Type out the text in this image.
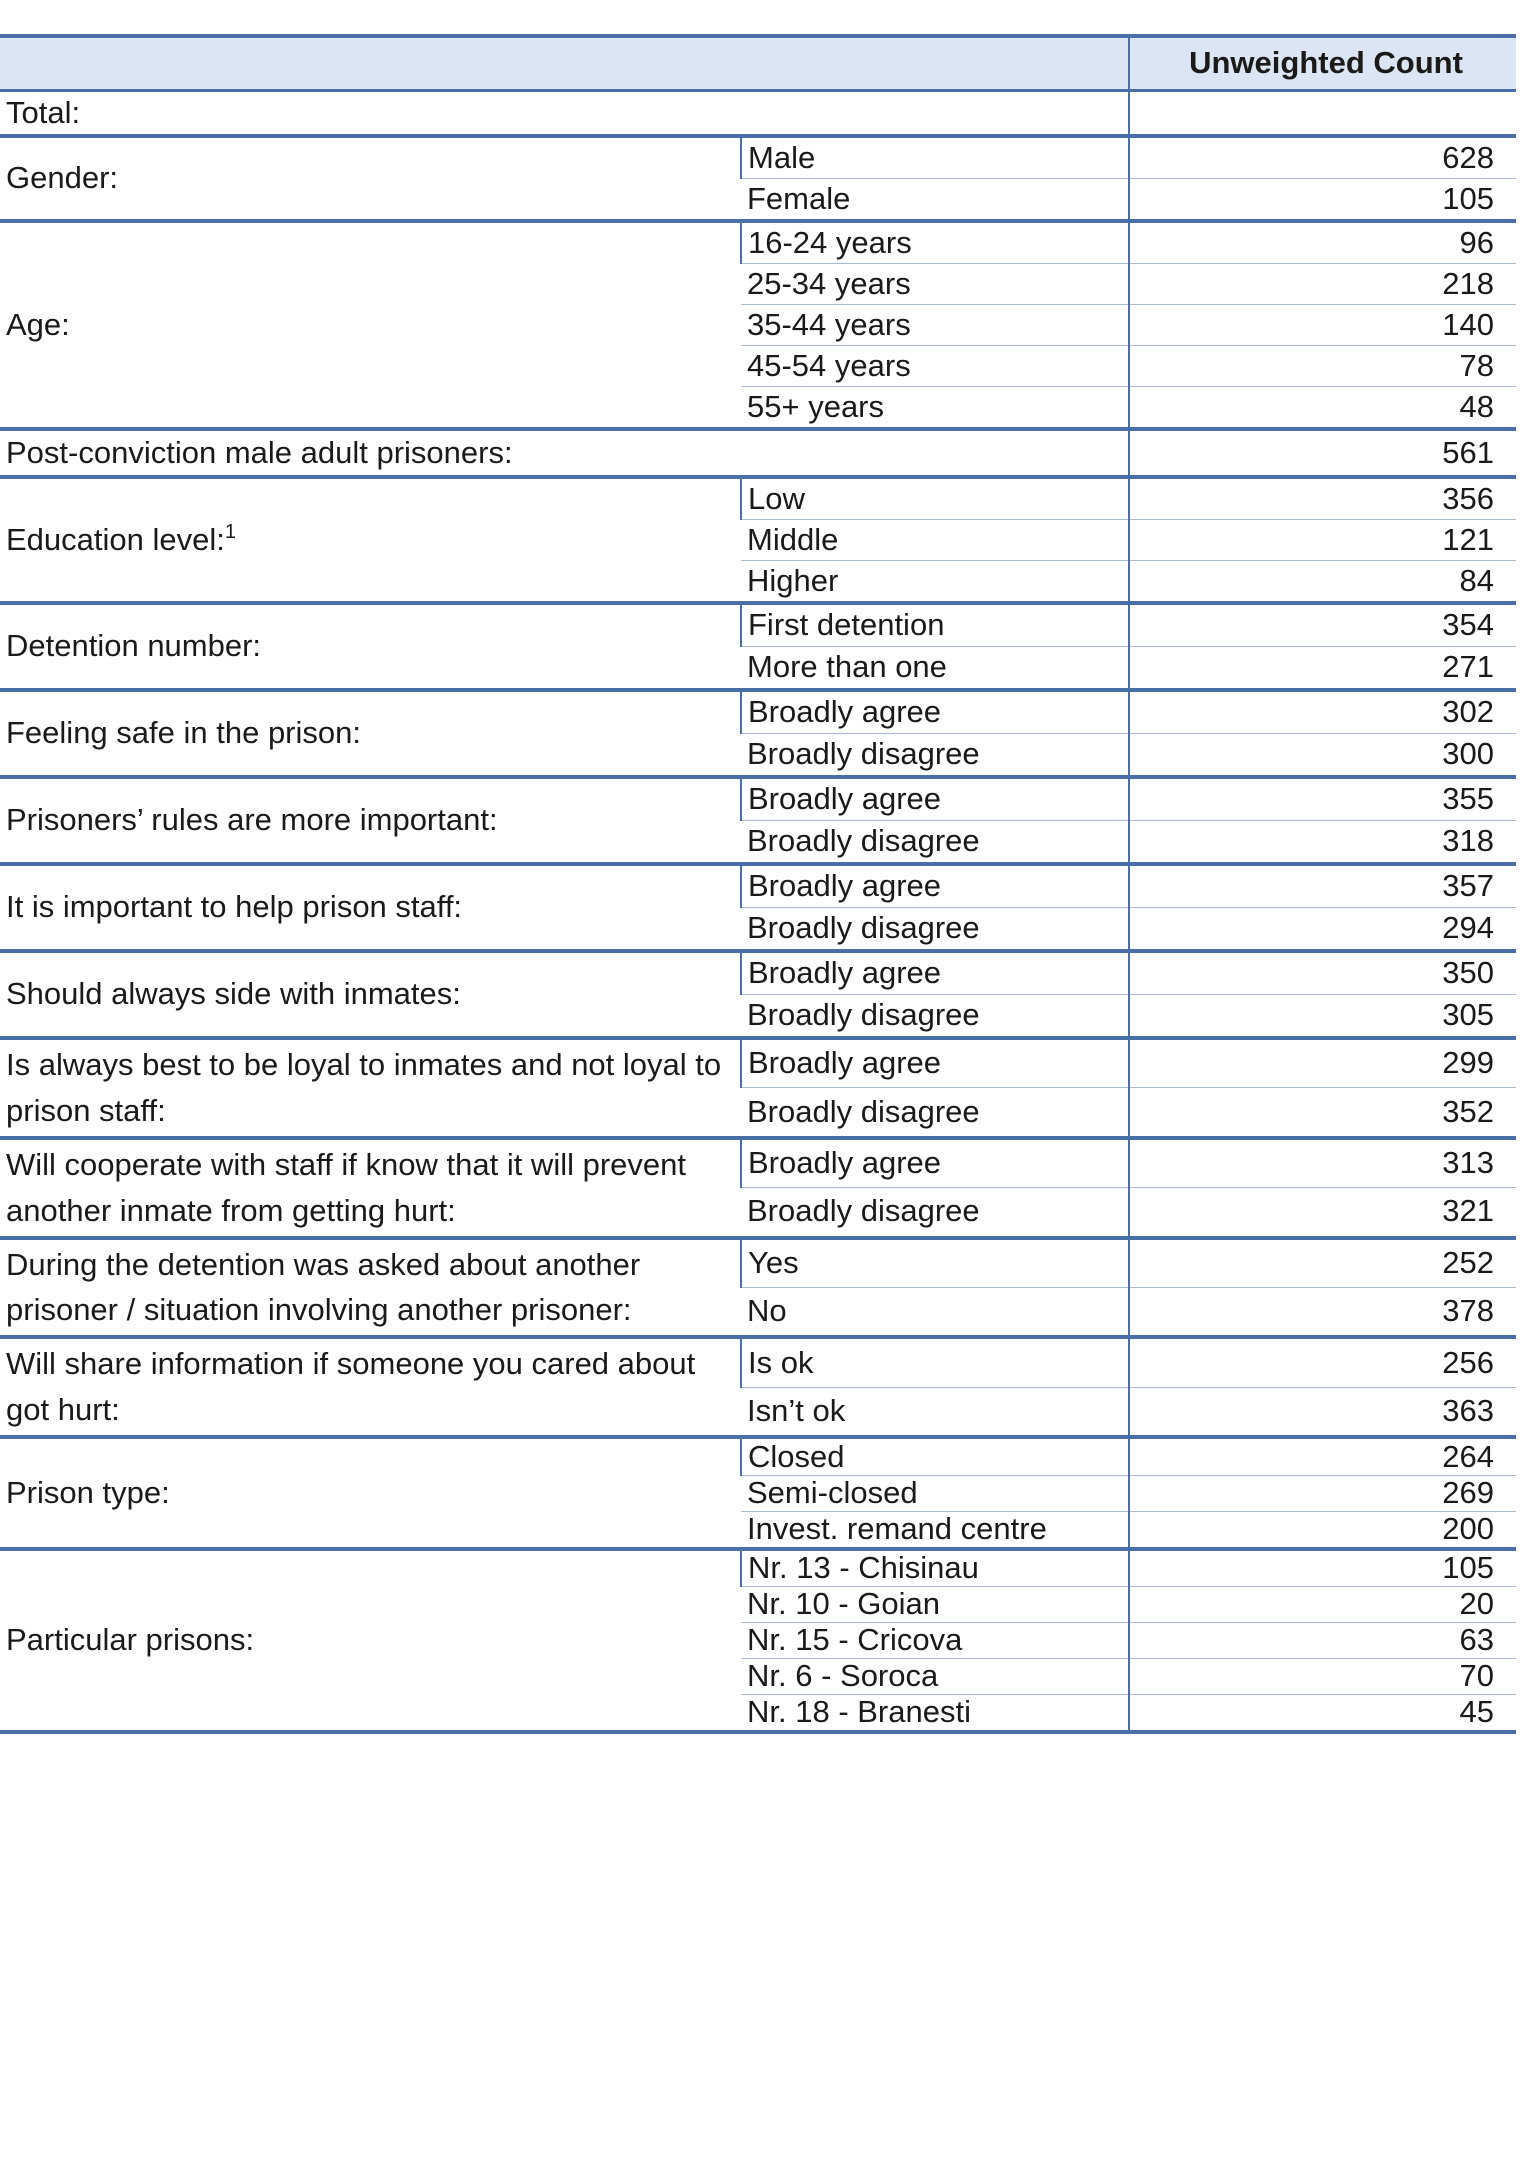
		Unweighted Count
Total:		
Gender:	Male	628
	Female	105
Age:	16-24 years	96
	25-34 years	218
	35-44 years	140
	45-54 years	78
	55+ years	48
Post-conviction male adult prisoners:		561
Education level:$^1$	Low	356
	Middle	121
	Higher	84
Detention number:	First detention	354
	More than one	271
Feeling safe in the prison:	Broadly agree	302
	Broadly disagree	300
Prisoners’ rules are more important:	Broadly agree	355
	Broadly disagree	318
It is important to help prison staff:	Broadly agree	357
	Broadly disagree	294
Should always side with inmates:	Broadly agree	350
	Broadly disagree	305
Is always best to be loyal to inmates and not loyal to prison staff:	Broadly agree	299
	Broadly disagree	352
Will cooperate with staff if know that it will prevent another inmate from getting hurt:	Broadly agree	313
	Broadly disagree	321
During the detention was asked about another prisoner / situation involving another prisoner:	Yes	252
	No	378
Will share information if someone you cared about got hurt:	Is ok	256
	Isn’t ok	363
Prison type:	Closed	264
	Semi-closed	269
	Invest. remand centre	200
Particular prisons:	Nr. 13 - Chisinau	105
	Nr. 10 - Goian	20
	Nr. 15 - Cricova	63
	Nr. 6 - Soroca	70
	Nr. 18 - Branesti	45
